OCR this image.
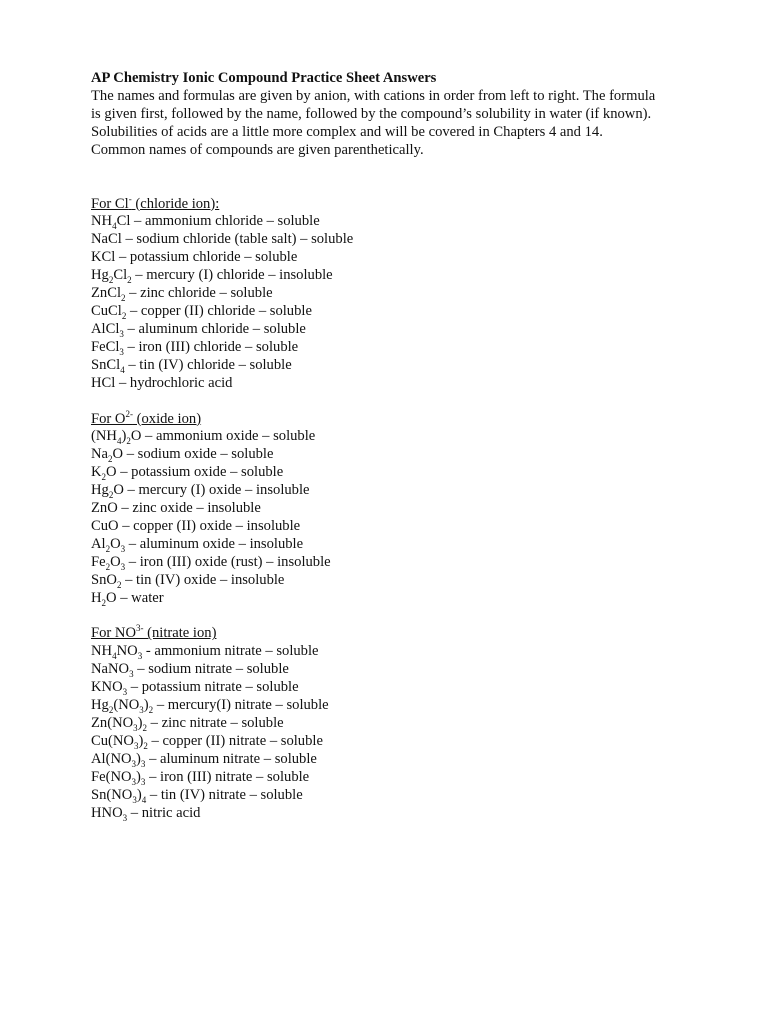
AP Chemistry Ionic Compound Practice Sheet Answers

The names and formulas are given by anion, with cations in order from left to right. The formula
is given first, followed by the name, followed by the compound’s solubility in water (if known).
Solubilities of acids are a little more complex and will be covered in Chapters 4 and 14.
Common names of compounds are given parenthetically.
For Cl- (chloride ion):
$NH_4Cl$ – ammonium chloride – soluble
NaCl – sodium chloride (table salt) – soluble
KCl – potassium chloride – soluble
$Hg_2Cl_2$ – mercury (I) chloride – insoluble
ZnCl$_2$ – zinc chloride – soluble
CuCl$_2$ – copper (II) chloride – soluble
AlCl$_3$ – aluminum chloride – soluble
FeCl$_3$ – iron (III) chloride – soluble
SnCl$_4$ – tin (IV) chloride – soluble
HCl – hydrochloric acid
For $O^{2-}$ (oxide ion)
$(NH_4)_2O$ – ammonium oxide – soluble
$Na_2O$ – sodium oxide – soluble
$K_2O$ – potassium oxide – soluble
$Hg_2O$ – mercury (I) oxide – insoluble
ZnO – zinc oxide – insoluble
CuO – copper (II) oxide – insoluble
$Al_2O_3$ – aluminum oxide – insoluble
$Fe_2O_3$ – iron (III) oxide (rust) – insoluble
SnO$_2$ – tin (IV) oxide – insoluble
$H_2O$ – water
For $NO^{3-}$ (nitrate ion)
$NH_4NO_3$ - ammonium nitrate – soluble
NaNO$_3$ – sodium nitrate – soluble
$KNO_3$ – potassium nitrate – soluble
$Hg_2(NO_3)_2$ – mercury(I) nitrate – soluble
$Zn(NO_3)_2$ – zinc nitrate – soluble
$Cu(NO_3)_2$ – copper (II) nitrate – soluble
$Al(NO_3)_3$ – aluminum nitrate – soluble
$Fe(NO_3)_3$ – iron (III) nitrate – soluble
$Sn(NO_3)_4$ – tin (IV) nitrate – soluble
$HNO_3$ – nitric acid
